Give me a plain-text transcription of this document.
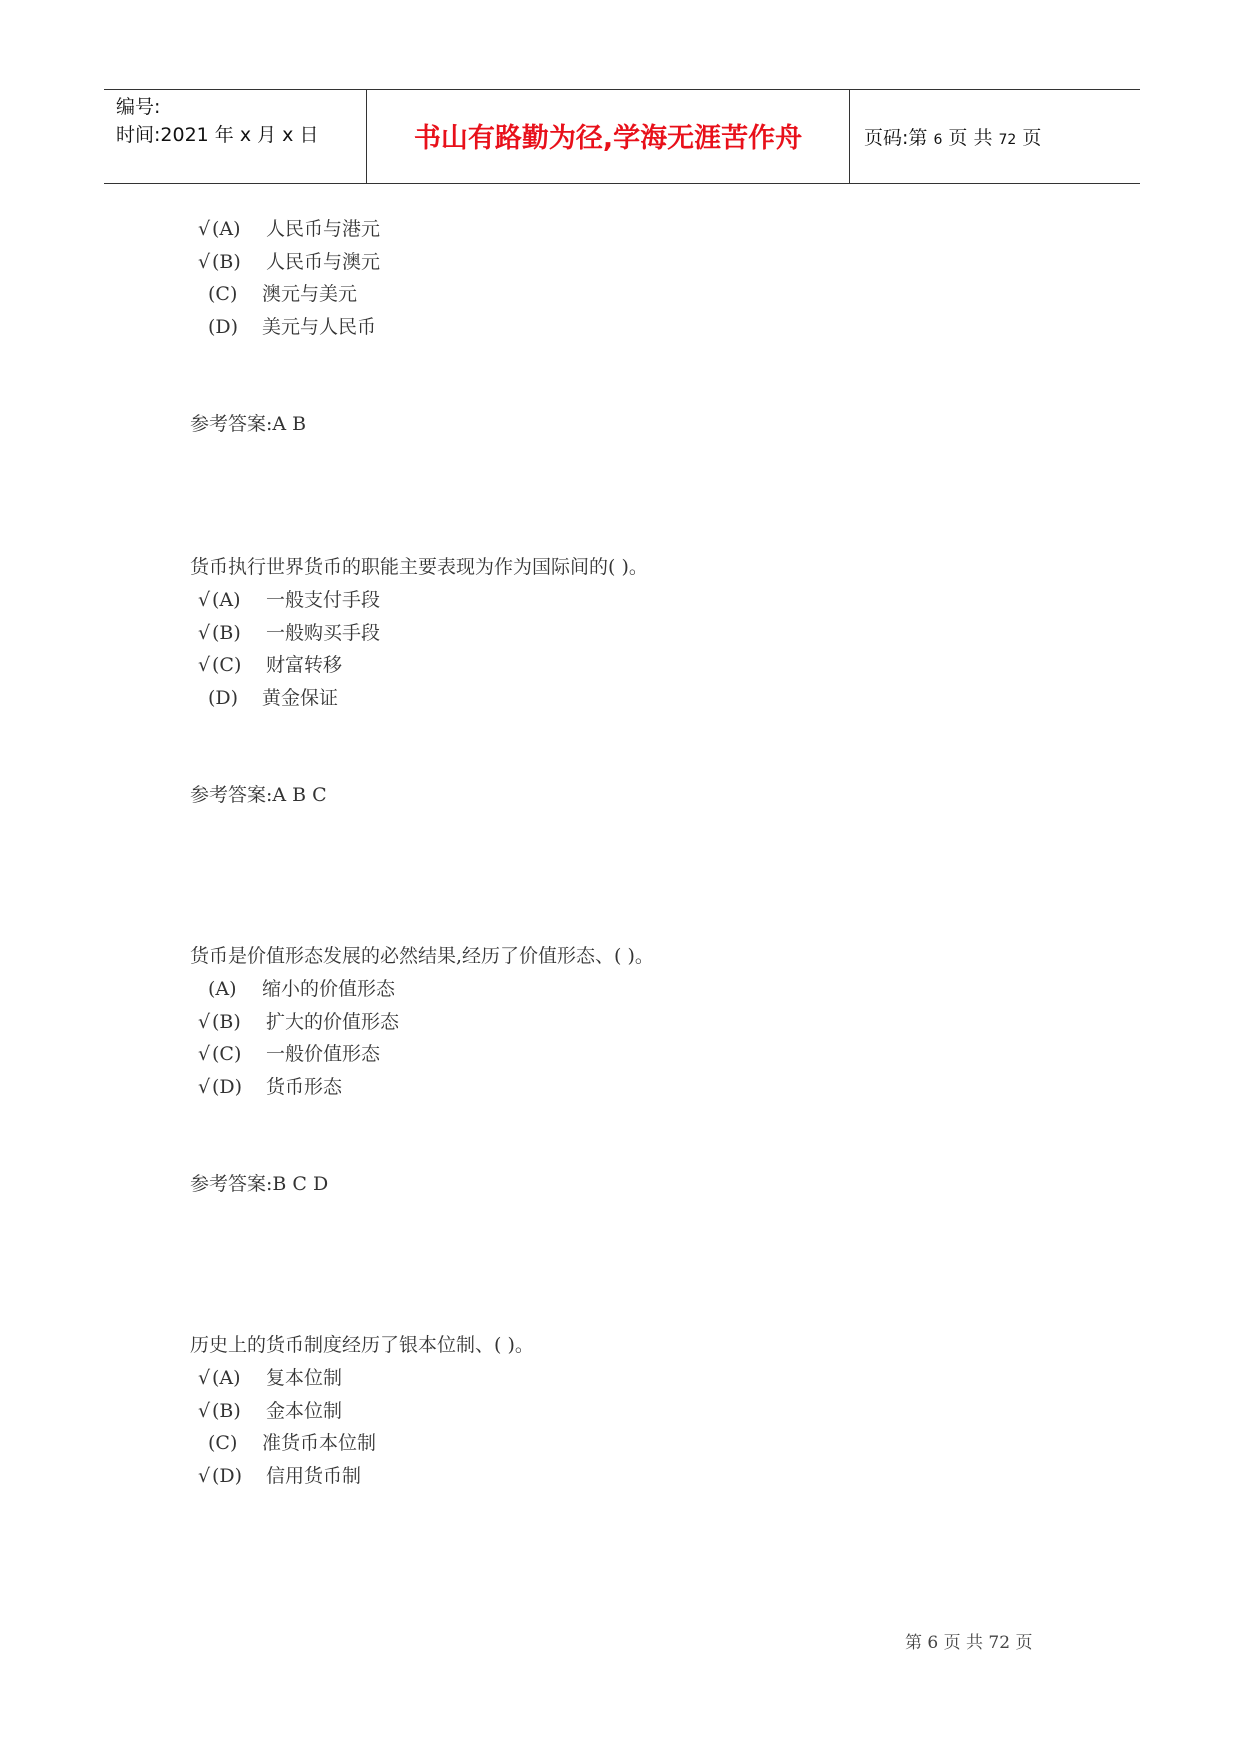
编号:
时间:2021 年 x 月 x 日	书山有路勤为径,学海无涯苦作舟	页码:第 6 页 共 72 页
√(A) 人民币与港元
√(B) 人民币与澳元
(C) 澳元与美元
(D) 美元与人民币
参考答案:A B
货币执行世界货币的职能主要表现为作为国际间的( )。
√(A) 一般支付手段
√(B) 一般购买手段
√(C) 财富转移
(D) 黄金保证
参考答案:A B C
货币是价值形态发展的必然结果,经历了价值形态、( )。
(A) 缩小的价值形态
√(B) 扩大的价值形态
√(C) 一般价值形态
√(D) 货币形态
参考答案:B C D
历史上的货币制度经历了银本位制、( )。
√(A) 复本位制
√(B) 金本位制
(C) 准货币本位制
√(D) 信用货币制
第 6 页 共 72 页
